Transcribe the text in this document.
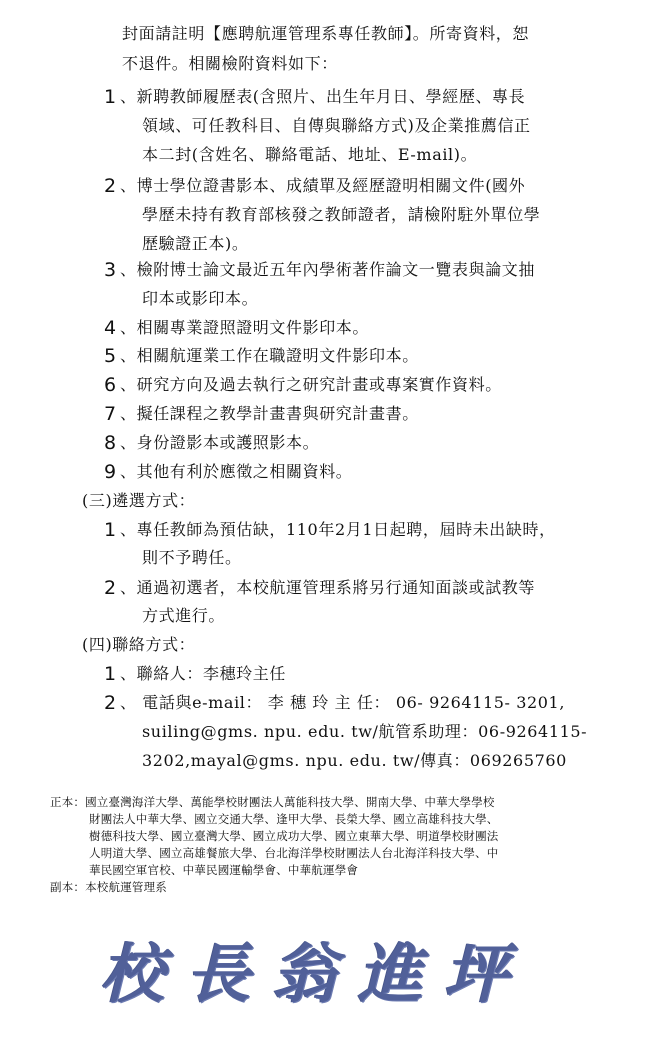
封面請註明【應聘航運管理系專任教師】。所寄資料，恕
不退件。相關檢附資料如下：
1 、新聘教師履歷表(含照片、出生年月日、學經歷、專長
領域、可任教科目、自傳與聯絡方式)及企業推薦信正
本二封(含姓名、聯絡電話、地址、E-mail)。
2 、博士學位證書影本、成績單及經歷證明相關文件(國外
學歷未持有教育部核發之教師證者，請檢附駐外單位學
歷驗證正本)。
3 、檢附博士論文最近五年內學術著作論文一覽表與論文抽
印本或影印本。
4 、相關專業證照證明文件影印本。
5 、相關航運業工作在職證明文件影印本。
6 、研究方向及過去執行之研究計畫或專案實作資料。
7 、擬任課程之教學計畫書與研究計畫書。
8 、身份證影本或護照影本。
9 、其他有利於應徵之相關資料。
(三)遴選方式：
1 、專任教師為預估缺，110年2月1日起聘，屆時未出缺時，
則不予聘任。
2 、通過初選者，本校航運管理系將另行通知面談或試教等
方式進行。
(四)聯絡方式：
1 、聯絡人：李穗玲主任
2 、 電話與e-mail： 李 穗 玲 主 任： 06- 9264115- 3201,
suiling@gms. npu. edu. tw/航管系助理：06-9264115-
3202,mayal@gms. npu. edu. tw/傳真：069265760
正本：國立臺灣海洋大學、萬能學校財團法人萬能科技大學、開南大學、中華大學學校
財團法人中華大學、國立交通大學、逢甲大學、長榮大學、國立高雄科技大學、
樹德科技大學、國立臺灣大學、國立成功大學、國立東華大學、明道學校財團法
人明道大學、國立高雄餐旅大學、台北海洋學校財團法人台北海洋科技大學、中
華民國空軍官校、中華民國運輸學會、中華航運學會
副本：本校航運管理系
校長翁進坪
